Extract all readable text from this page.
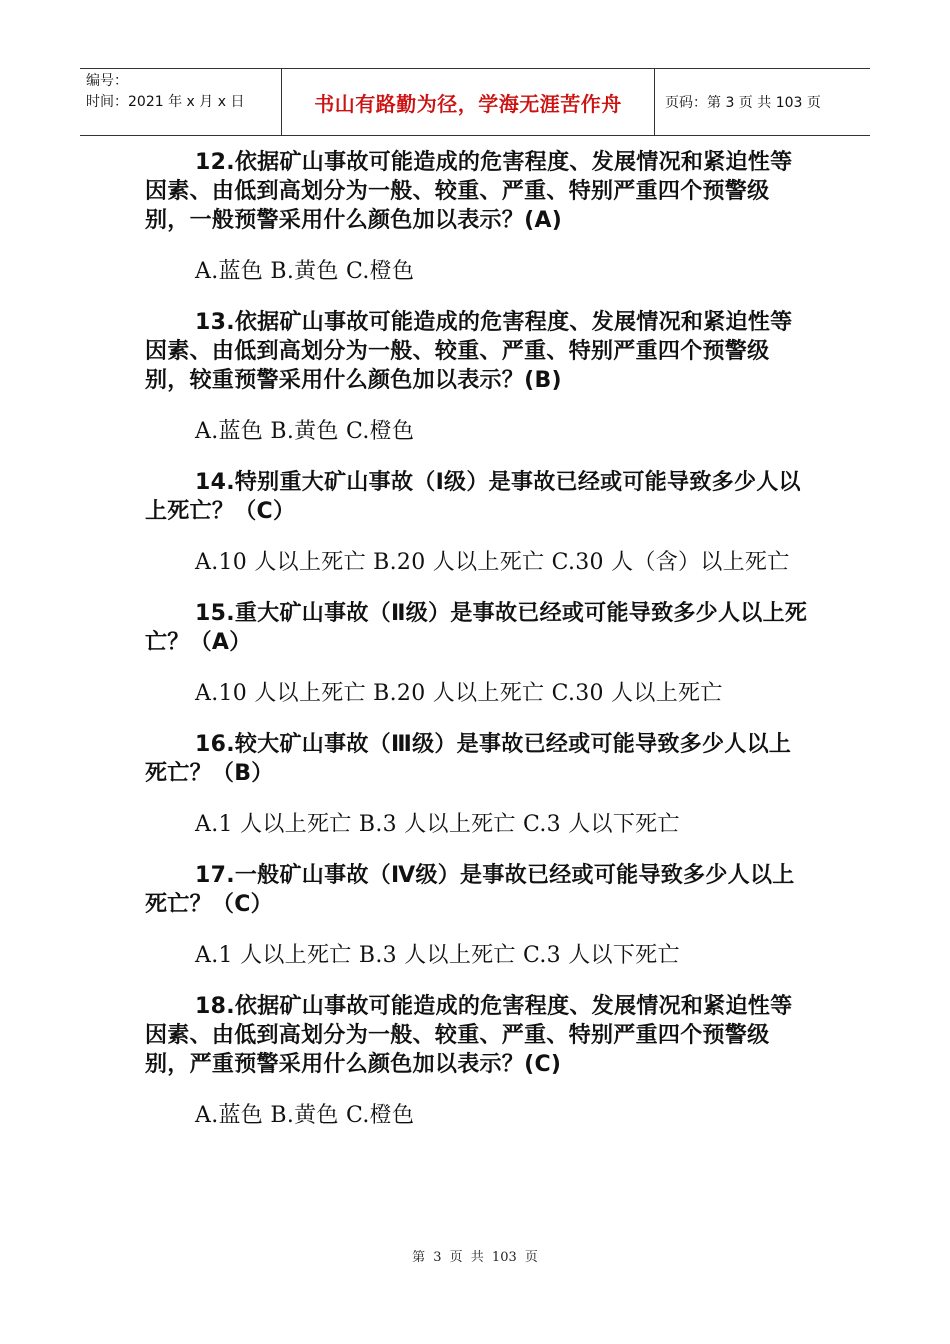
编号：
时间：2021 年 x 月 x 日	书山有路勤为径，学海无涯苦作舟	页码：第 3 页 共 103 页

12.依据矿山事故可能造成的危害程度、发展情况和紧迫性等因素、由低到高划分为一般、较重、严重、特别严重四个预警级别，一般预警采用什么颜色加以表示？(A)

A.蓝色 B.黄色 C.橙色

13.依据矿山事故可能造成的危害程度、发展情况和紧迫性等因素、由低到高划分为一般、较重、严重、特别严重四个预警级别，较重预警采用什么颜色加以表示？(B)

A.蓝色 B.黄色 C.橙色

14.特别重大矿山事故（Ⅰ级）是事故已经或可能导致多少人以上死亡？（C）

A.10 人以上死亡 B.20 人以上死亡 C.30 人（含）以上死亡

15.重大矿山事故（Ⅱ级）是事故已经或可能导致多少人以上死亡？（A）

A.10 人以上死亡 B.20 人以上死亡 C.30 人以上死亡

16.较大矿山事故（Ⅲ级）是事故已经或可能导致多少人以上死亡？（B）

A.1 人以上死亡 B.3 人以上死亡 C.3 人以下死亡

17.一般矿山事故（Ⅳ级）是事故已经或可能导致多少人以上死亡？（C）

A.1 人以上死亡 B.3 人以上死亡 C.3 人以下死亡

18.依据矿山事故可能造成的危害程度、发展情况和紧迫性等因素、由低到高划分为一般、较重、严重、特别严重四个预警级别，严重预警采用什么颜色加以表示？(C)

A.蓝色 B.黄色 C.橙色

第 3 页 共 103 页
